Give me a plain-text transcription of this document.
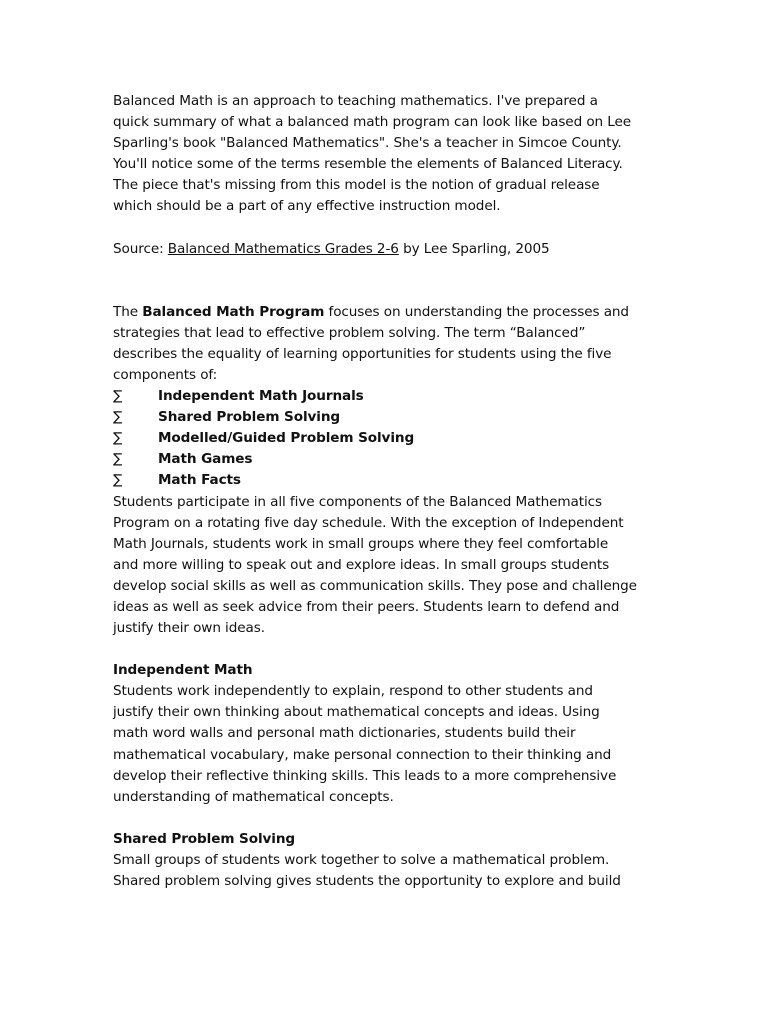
Balanced Math is an approach to teaching mathematics. I've prepared a
quick summary of what a balanced math program can look like based on Lee
Sparling's book "Balanced Mathematics". She's a teacher in Simcoe County.
You'll notice some of the terms resemble the elements of Balanced Literacy.
The piece that's missing from this model is the notion of gradual release
which should be a part of any effective instruction model.
Source: Balanced Mathematics Grades 2-6 by Lee Sparling, 2005
The Balanced Math Program focuses on understanding the processes and
strategies that lead to effective problem solving. The term “Balanced”
describes the equality of learning opportunities for students using the five
components of:
∑	Independent Math Journals
∑	Shared Problem Solving
∑	Modelled/Guided Problem Solving
∑	Math Games
∑	Math Facts
Students participate in all five components of the Balanced Mathematics
Program on a rotating five day schedule. With the exception of Independent
Math Journals, students work in small groups where they feel comfortable
and more willing to speak out and explore ideas. In small groups students
develop social skills as well as communication skills. They pose and challenge
ideas as well as seek advice from their peers. Students learn to defend and
justify their own ideas.
Independent Math
Students work independently to explain, respond to other students and
justify their own thinking about mathematical concepts and ideas. Using
math word walls and personal math dictionaries, students build their
mathematical vocabulary, make personal connection to their thinking and
develop their reflective thinking skills. This leads to a more comprehensive
understanding of mathematical concepts.
Shared Problem Solving
Small groups of students work together to solve a mathematical problem.
Shared problem solving gives students the opportunity to explore and build
